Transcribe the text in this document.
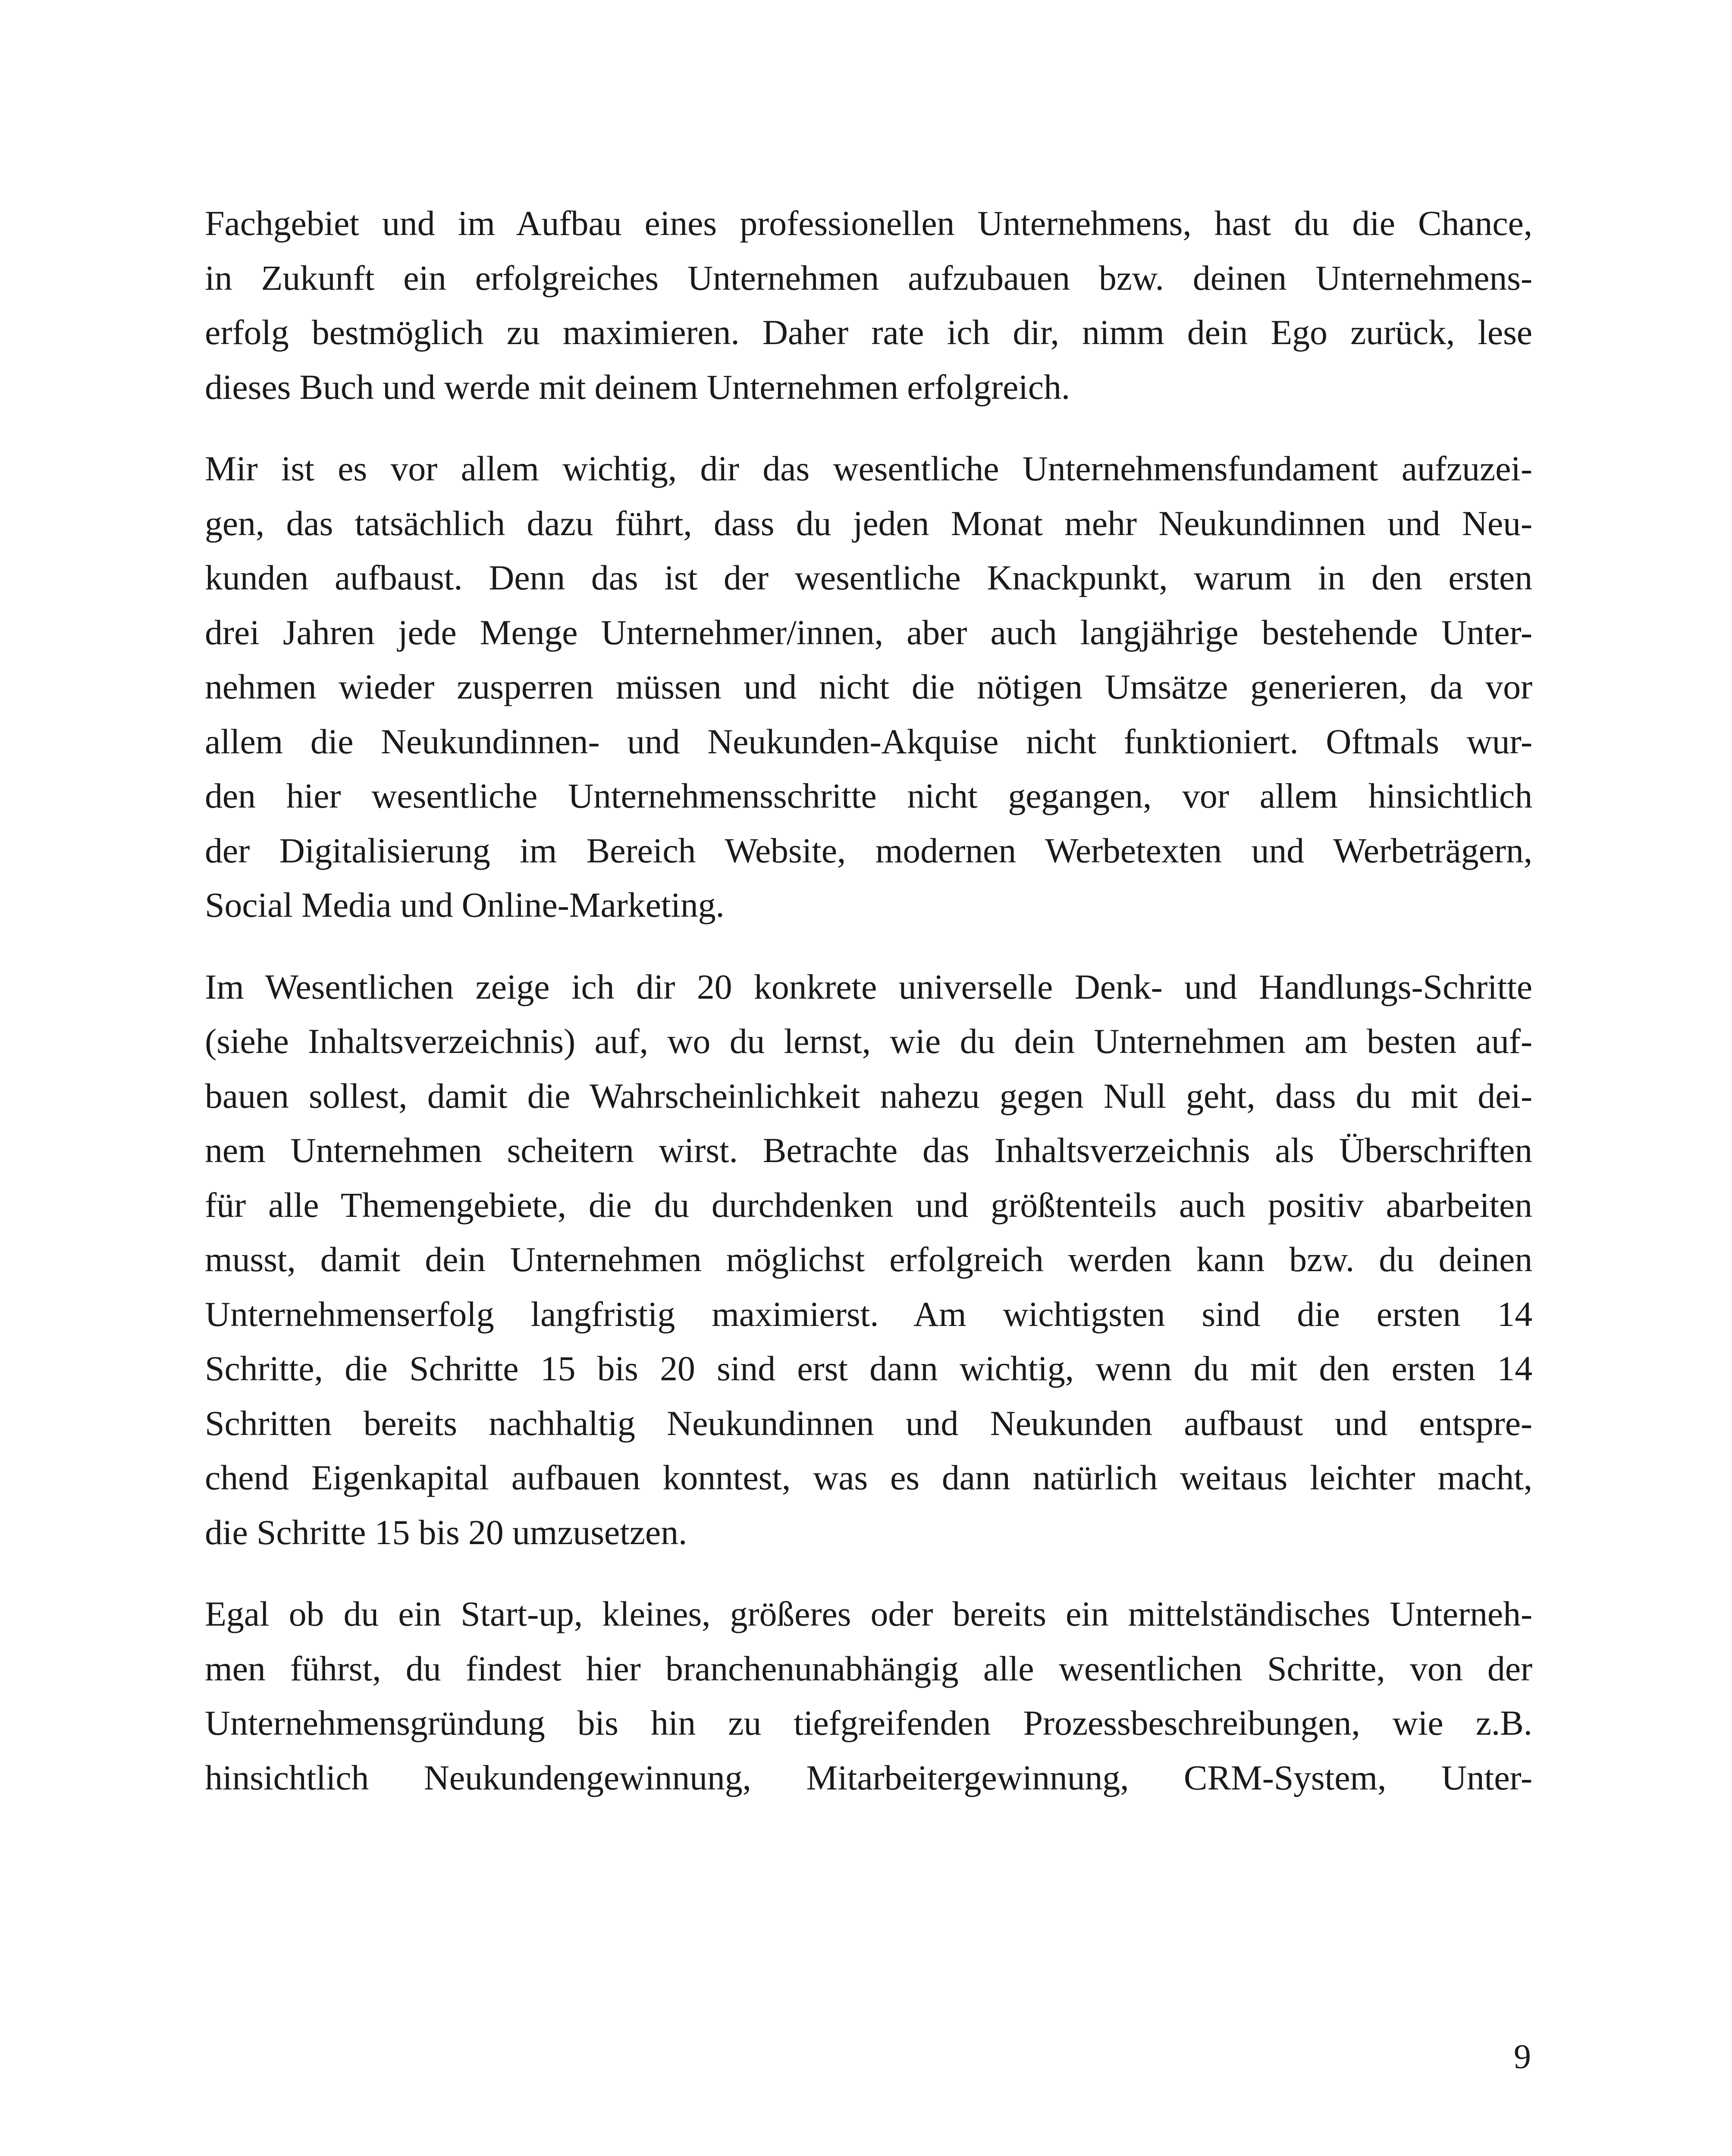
Fachgebiet und im Aufbau eines professionellen Unternehmens, hast du die Chance,
in Zukunft ein erfolgreiches Unternehmen aufzubauen bzw. deinen Unternehmens-
erfolg bestmöglich zu maximieren. Daher rate ich dir, nimm dein Ego zurück, lese
dieses Buch und werde mit deinem Unternehmen erfolgreich.
Mir ist es vor allem wichtig, dir das wesentliche Unternehmensfundament aufzuzei-
gen, das tatsächlich dazu führt, dass du jeden Monat mehr Neukundinnen und Neu-
kunden aufbaust. Denn das ist der wesentliche Knackpunkt, warum in den ersten
drei Jahren jede Menge Unternehmer/innen, aber auch langjährige bestehende Unter-
nehmen wieder zusperren müssen und nicht die nötigen Umsätze generieren, da vor
allem die Neukundinnen- und Neukunden-Akquise nicht funktioniert. Oftmals wur-
den hier wesentliche Unternehmensschritte nicht gegangen, vor allem hinsichtlich
der Digitalisierung im Bereich Website, modernen Werbetexten und Werbeträgern,
Social Media und Online-Marketing.
Im Wesentlichen zeige ich dir 20 konkrete universelle Denk- und Handlungs-Schritte
(siehe Inhaltsverzeichnis) auf, wo du lernst, wie du dein Unternehmen am besten auf-
bauen sollest, damit die Wahrscheinlichkeit nahezu gegen Null geht, dass du mit dei-
nem Unternehmen scheitern wirst. Betrachte das Inhaltsverzeichnis als Überschriften
für alle Themengebiete, die du durchdenken und größtenteils auch positiv abarbeiten
musst, damit dein Unternehmen möglichst erfolgreich werden kann bzw. du deinen
Unternehmenserfolg langfristig maximierst. Am wichtigsten sind die ersten 14
Schritte, die Schritte 15 bis 20 sind erst dann wichtig, wenn du mit den ersten 14
Schritten bereits nachhaltig Neukundinnen und Neukunden aufbaust und entspre-
chend Eigenkapital aufbauen konntest, was es dann natürlich weitaus leichter macht,
die Schritte 15 bis 20 umzusetzen.
Egal ob du ein Start-up, kleines, größeres oder bereits ein mittelständisches Unterneh-
men führst, du findest hier branchenunabhängig alle wesentlichen Schritte, von der
Unternehmensgründung bis hin zu tiefgreifenden Prozessbeschreibungen, wie z.B.
hinsichtlich Neukundengewinnung, Mitarbeitergewinnung, CRM-System, Unter-
9
